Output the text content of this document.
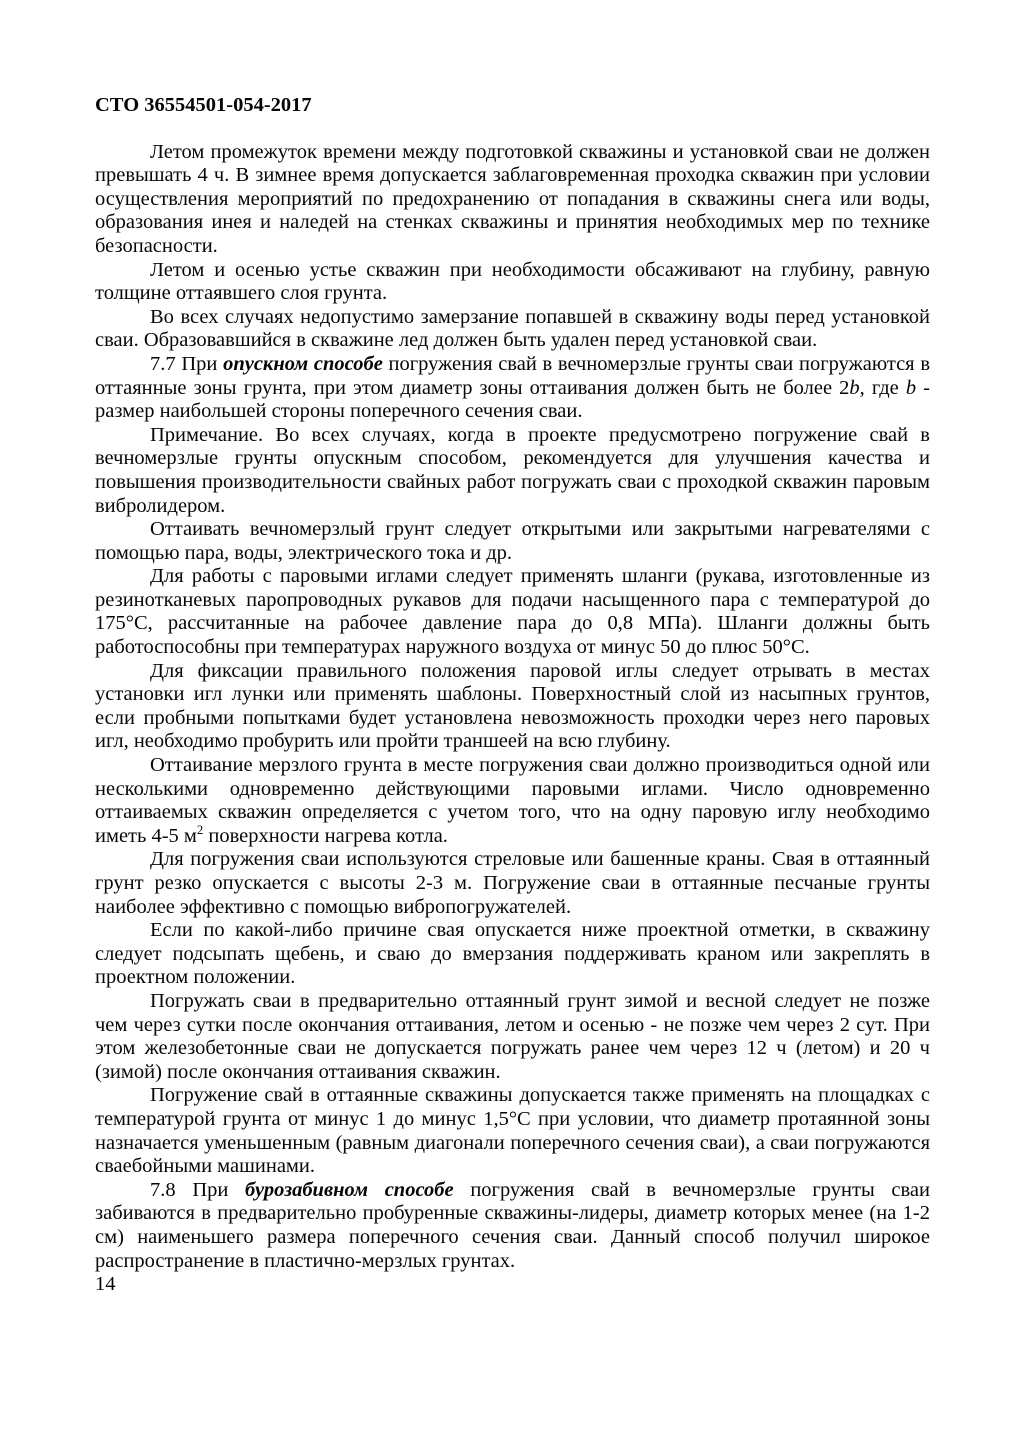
СТО 36554501-054-2017

Летом промежуток времени между подготовкой скважины и установкой сваи не должен превышать 4 ч. В зимнее время допускается заблаговременная проходка скважин при условии осуществления мероприятий по предохранению от попадания в скважины снега или воды, образования инея и наледей на стенках скважины и принятия необходимых мер по технике безопасности.

Летом и осенью устье скважин при необходимости обсаживают на глубину, равную толщине оттаявшего слоя грунта.

Во всех случаях недопустимо замерзание попавшей в скважину воды перед установкой сваи. Образовавшийся в скважине лед должен быть удален перед установкой сваи.

7.7 При опускном способе погружения свай в вечномерзлые грунты сваи погружаются в оттаянные зоны грунта, при этом диаметр зоны оттаивания должен быть не более 2b, где b - размер наибольшей стороны поперечного сечения сваи.

Примечание. Во всех случаях, когда в проекте предусмотрено погружение свай в вечномерзлые грунты опускным способом, рекомендуется для улучшения качества и повышения производительности свайных работ погружать сваи с проходкой скважин паровым вибролидером.

Оттаивать вечномерзлый грунт следует открытыми или закрытыми нагревателями с помощью пара, воды, электрического тока и др.

Для работы с паровыми иглами следует применять шланги (рукава, изготовленные из резинотканевых паропроводных рукавов для подачи насыщенного пара с температурой до 175°С, рассчитанные на рабочее давление пара до 0,8 МПа). Шланги должны быть работоспособны при температурах наружного воздуха от минус 50 до плюс 50°С.

Для фиксации правильного положения паровой иглы следует отрывать в местах установки игл лунки или применять шаблоны. Поверхностный слой из насыпных грунтов, если пробными попытками будет установлена невозможность проходки через него паровых игл, необходимо пробурить или пройти траншеей на всю глубину.

Оттаивание мерзлого грунта в месте погружения сваи должно производиться одной или несколькими одновременно действующими паровыми иглами. Число одновременно оттаиваемых скважин определяется с учетом того, что на одну паровую иглу необходимо иметь 4-5 $м^2$ поверхности нагрева котла.

Для погружения сваи используются стреловые или башенные краны. Свая в оттаянный грунт резко опускается с высоты 2-3 м. Погружение сваи в оттаянные песчаные грунты наиболее эффективно с помощью вибропогружателей.

Если по какой-либо причине свая опускается ниже проектной отметки, в скважину следует подсыпать щебень, и сваю до вмерзания поддерживать краном или закреплять в проектном положении.

Погружать сваи в предварительно оттаянный грунт зимой и весной следует не позже чем через сутки после окончания оттаивания, летом и осенью - не позже чем через 2 сут. При этом железобетонные сваи не допускается погружать ранее чем через 12 ч (летом) и 20 ч (зимой) после окончания оттаивания скважин.

Погружение свай в оттаянные скважины допускается также применять на площадках с температурой грунта от минус 1 до минус 1,5°С при условии, что диаметр протаянной зоны назначается уменьшенным (равным диагонали поперечного сечения сваи), а сваи погружаются сваебойными машинами.

7.8 При бурозабивном способе погружения свай в вечномерзлые грунты сваи забиваются в предварительно пробуренные скважины-лидеры, диаметр которых менее (на 1-2 см) наименьшего размера поперечного сечения сваи. Данный способ получил широкое распространение в пластично-мерзлых грунтах.

14
